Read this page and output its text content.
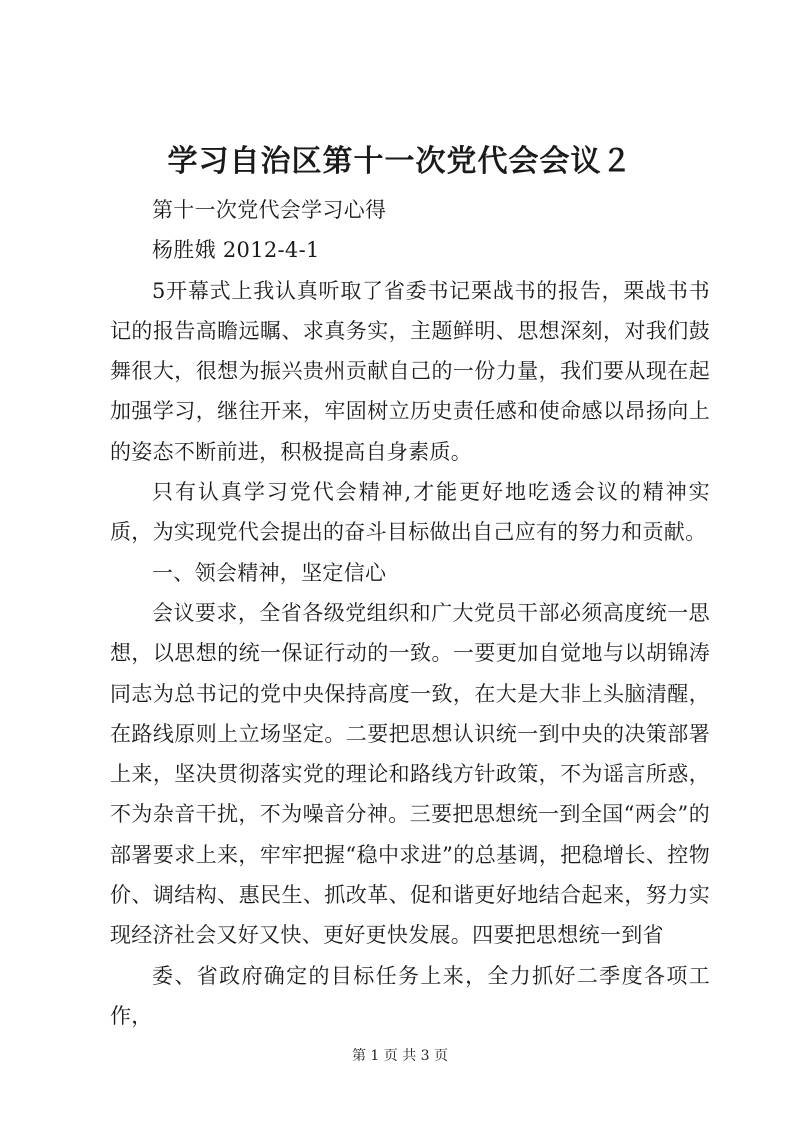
学习自治区第十一次党代会会议２

第十一次党代会学习心得

杨胜娥 2012-4-1

5开幕式上我认真听取了省委书记栗战书的报告，栗战书书记的报告高瞻远瞩、求真务实，主题鲜明、思想深刻，对我们鼓舞很大，很想为振兴贵州贡献自己的一份力量，我们要从现在起加强学习，继往开来，牢固树立历史责任感和使命感以昂扬向上的姿态不断前进，积极提高自身素质。

只有认真学习党代会精神,才能更好地吃透会议的精神实质，为实现党代会提出的奋斗目标做出自己应有的努力和贡献。

一、领会精神，坚定信心

会议要求，全省各级党组织和广大党员干部必须高度统一思想，以思想的统一保证行动的一致。一要更加自觉地与以胡锦涛同志为总书记的党中央保持高度一致，在大是大非上头脑清醒，在路线原则上立场坚定。二要把思想认识统一到中央的决策部署上来，坚决贯彻落实党的理论和路线方针政策，不为谣言所惑，不为杂音干扰，不为噪音分神。三要把思想统一到全国“两会”的部署要求上来，牢牢把握“稳中求进”的总基调，把稳增长、控物价、调结构、惠民生、抓改革、促和谐更好地结合起来，努力实现经济社会又好又快、更好更快发展。四要把思想统一到省

委、省政府确定的目标任务上来，全力抓好二季度各项工作，

第 1 页 共 3 页
